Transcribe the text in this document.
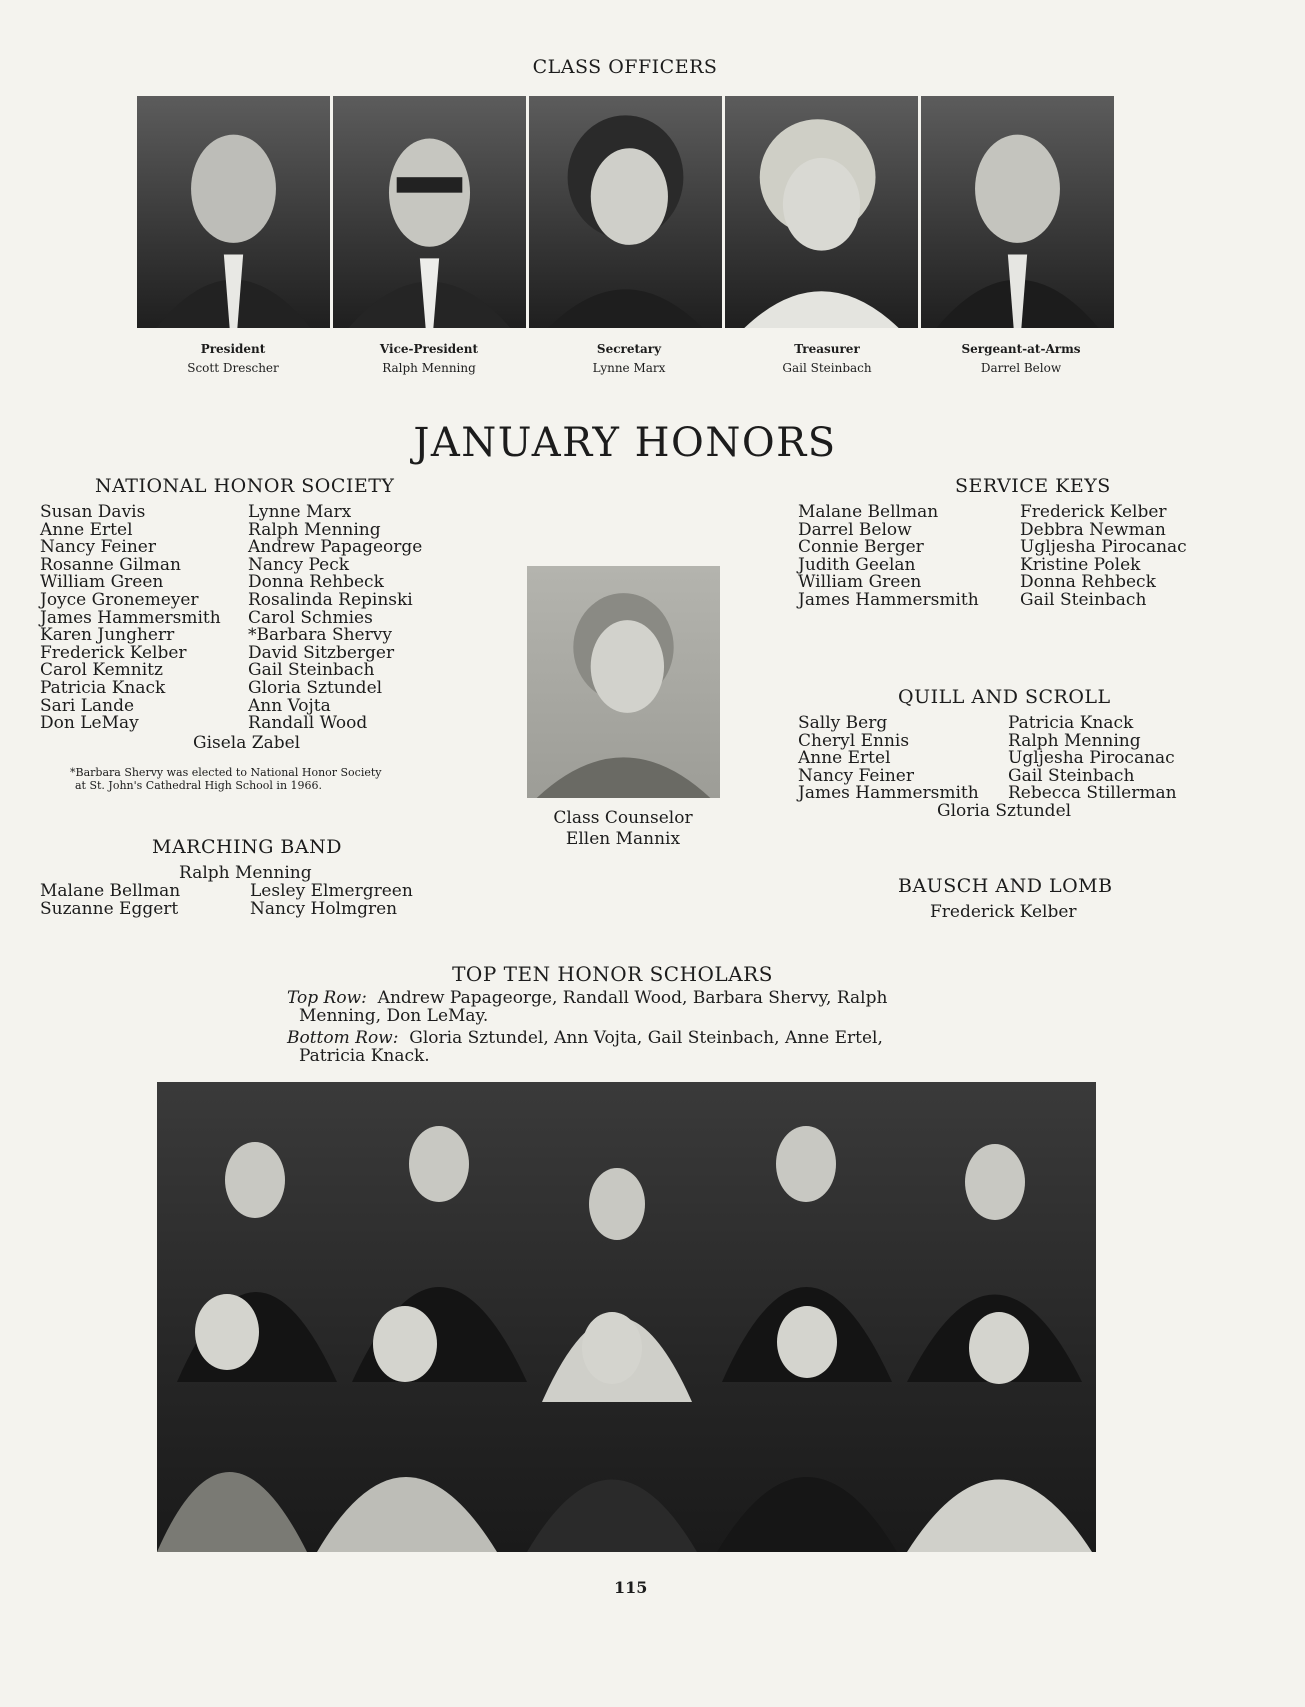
CLASS OFFICERS
President
Scott Drescher
Vice-President
Ralph Menning
Secretary
Lynne Marx
Treasurer
Gail Steinbach
Sergeant-at-Arms
Darrel Below
JANUARY HONORS
NATIONAL HONOR SOCIETY
Susan Davis
Anne Ertel
Nancy Feiner
Rosanne Gilman
William Green
Joyce Gronemeyer
James Hammersmith
Karen Jungherr
Frederick Kelber
Carol Kemnitz
Patricia Knack
Sari Lande
Don LeMay
Lynne Marx
Ralph Menning
Andrew Papageorge
Nancy Peck
Donna Rehbeck
Rosalinda Repinski
Carol Schmies
*Barbara Shervy
David Sitzberger
Gail Steinbach
Gloria Sztundel
Ann Vojta
Randall Wood
Gisela Zabel
*Barbara Shervy was elected to National Honor Society
at St. John's Cathedral High School in 1966.
Class Counselor
Ellen Mannix
SERVICE KEYS
Malane Bellman
Darrel Below
Connie Berger
Judith Geelan
William Green
James Hammersmith
Frederick Kelber
Debbra Newman
Ugljesha Pirocanac
Kristine Polek
Donna Rehbeck
Gail Steinbach
QUILL AND SCROLL
Sally Berg
Cheryl Ennis
Anne Ertel
Nancy Feiner
James Hammersmith
Patricia Knack
Ralph Menning
Ugljesha Pirocanac
Gail Steinbach
Rebecca Stillerman
Gloria Sztundel
MARCHING BAND
Ralph Menning
Malane Bellman
Suzanne Eggert
Lesley Elmergreen
Nancy Holmgren
BAUSCH AND LOMB
Frederick Kelber
TOP TEN HONOR SCHOLARS
Top Row: Andrew Papageorge, Randall Wood, Barbara Shervy, Ralph
Menning, Don LeMay.
Bottom Row: Gloria Sztundel, Ann Vojta, Gail Steinbach, Anne Ertel,
Patricia Knack.
115
